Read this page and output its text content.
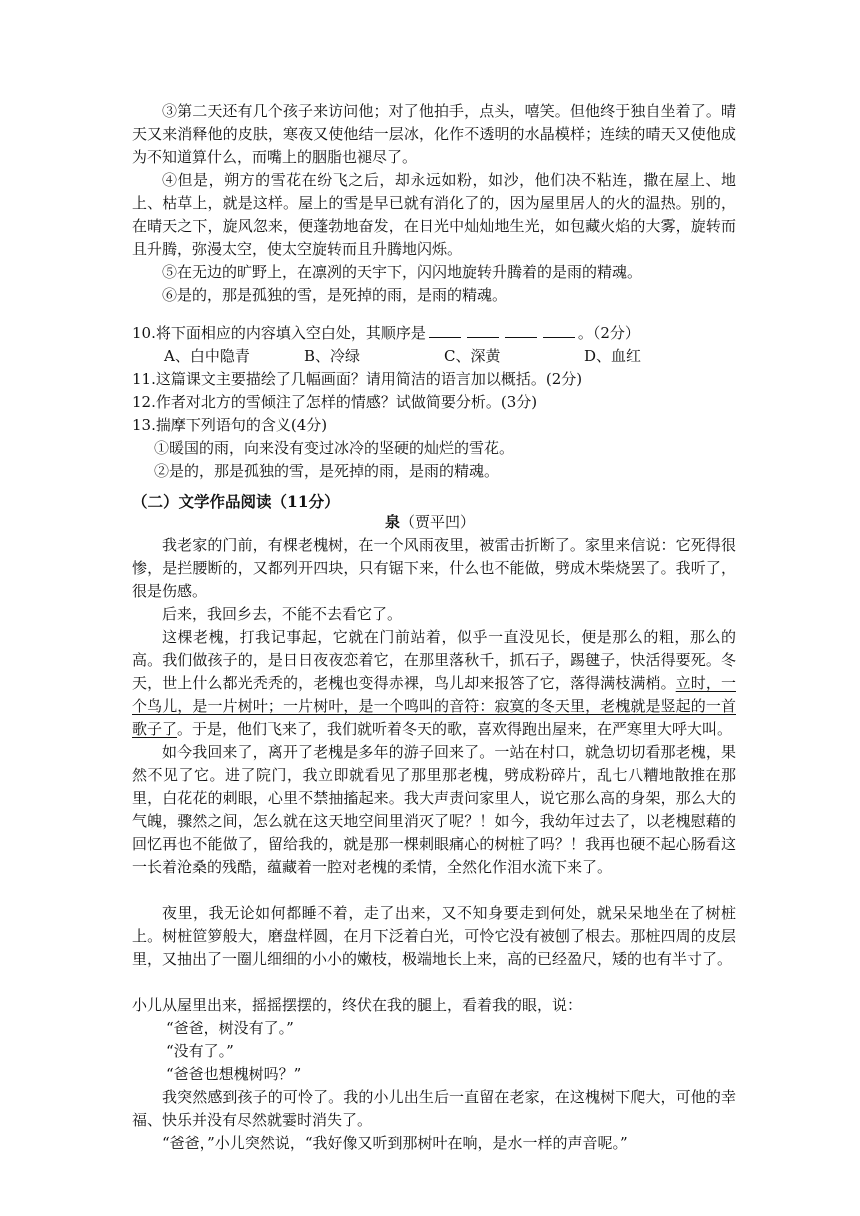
③第二天还有几个孩子来访问他；对了他拍手，点头，嘻笑。但他终于独自坐着了。晴天又来消释他的皮肤，寒夜又使他结一层冰，化作不透明的水晶模样；连续的晴天又使他成为不知道算什么，而嘴上的胭脂也褪尽了。

④但是，朔方的雪花在纷飞之后，却永远如粉，如沙，他们决不粘连，撒在屋上、地上、枯草上，就是这样。屋上的雪是早已就有消化了的，因为屋里居人的火的温热。别的，在晴天之下，旋风忽来，便蓬勃地奋发，在日光中灿灿地生光，如包藏火焰的大雾，旋转而且升腾，弥漫太空，使太空旋转而且升腾地闪烁。

⑤在无边的旷野上，在凛冽的天宇下，闪闪地旋转升腾着的是雨的精魂。

⑥是的，那是孤独的雪，是死掉的雨，是雨的精魂。

10.将下面相应的内容填入空白处，其顺序是	。（2分）

A、白中隐青	B、冷绿	C、深黄	D、血红

11.这篇课文主要描绘了几幅画面？请用简洁的语言加以概括。(2分)

12.作者对北方的雪倾注了怎样的情感？试做简要分析。(3分)

13.揣摩下列语句的含义(4分)

①暖国的雨，向来没有变过冰冷的坚硬的灿烂的雪花。

②是的，那是孤独的雪，是死掉的雨，是雨的精魂。

（二）文学作品阅读（11分）

泉（贾平凹）

我老家的门前，有棵老槐树，在一个风雨夜里，被雷击折断了。家里来信说：它死得很惨，是拦腰断的，又都列开四块，只有锯下来，什么也不能做，劈成木柴烧罢了。我听了，很是伤感。

后来，我回乡去，不能不去看它了。

这棵老槐，打我记事起，它就在门前站着，似乎一直没见长，便是那么的粗，那么的高。我们做孩子的，是日日夜夜恋着它，在那里落秋千，抓石子，踢毽子，快活得要死。冬天，世上什么都光秃秃的，老槐也变得赤裸，鸟儿却来报答了它，落得满枝满梢。立时，一个鸟儿，是一片树叶；一片树叶，是一个鸣叫的音符：寂寞的冬天里，老槐就是竖起的一首歌子了。于是，他们飞来了，我们就听着冬天的歌，喜欢得跑出屋来，在严寒里大呼大叫。

如今我回来了，离开了老槐是多年的游子回来了。一站在村口，就急切切看那老槐，果然不见了它。进了院门，我立即就看见了那里那老槐，劈成粉碎片，乱七八糟地散推在那里，白花花的刺眼，心里不禁抽搐起来。我大声责问家里人，说它那么高的身架，那么大的气魄，骤然之间，怎么就在这天地空间里消灭了呢？！如今，我幼年过去了，以老槐慰藉的回忆再也不能做了，留给我的，就是那一棵刺眼痛心的树桩了吗？！我再也硬不起心肠看这一长着沧桑的残酷，蕴藏着一腔对老槐的柔情，全然化作泪水流下来了。

夜里，我无论如何都睡不着，走了出来，又不知身要走到何处，就呆呆地坐在了树桩上。树桩笸箩般大，磨盘样圆，在月下泛着白光，可怜它没有被刨了根去。那桩四周的皮层里，又抽出了一圈儿细细的小小的嫩枝，极端地长上来，高的已经盈尺，矮的也有半寸了。

小儿从屋里出来，摇摇摆摆的，终伏在我的腿上，看着我的眼，说：

“爸爸，树没有了。”

“没有了。”

“爸爸也想槐树吗？”

我突然感到孩子的可怜了。我的小儿出生后一直留在老家，在这槐树下爬大，可他的幸福、快乐并没有尽然就霎时消失了。

“爸爸，”小儿突然说，“我好像又听到那树叶在响，是水一样的声音呢。”
